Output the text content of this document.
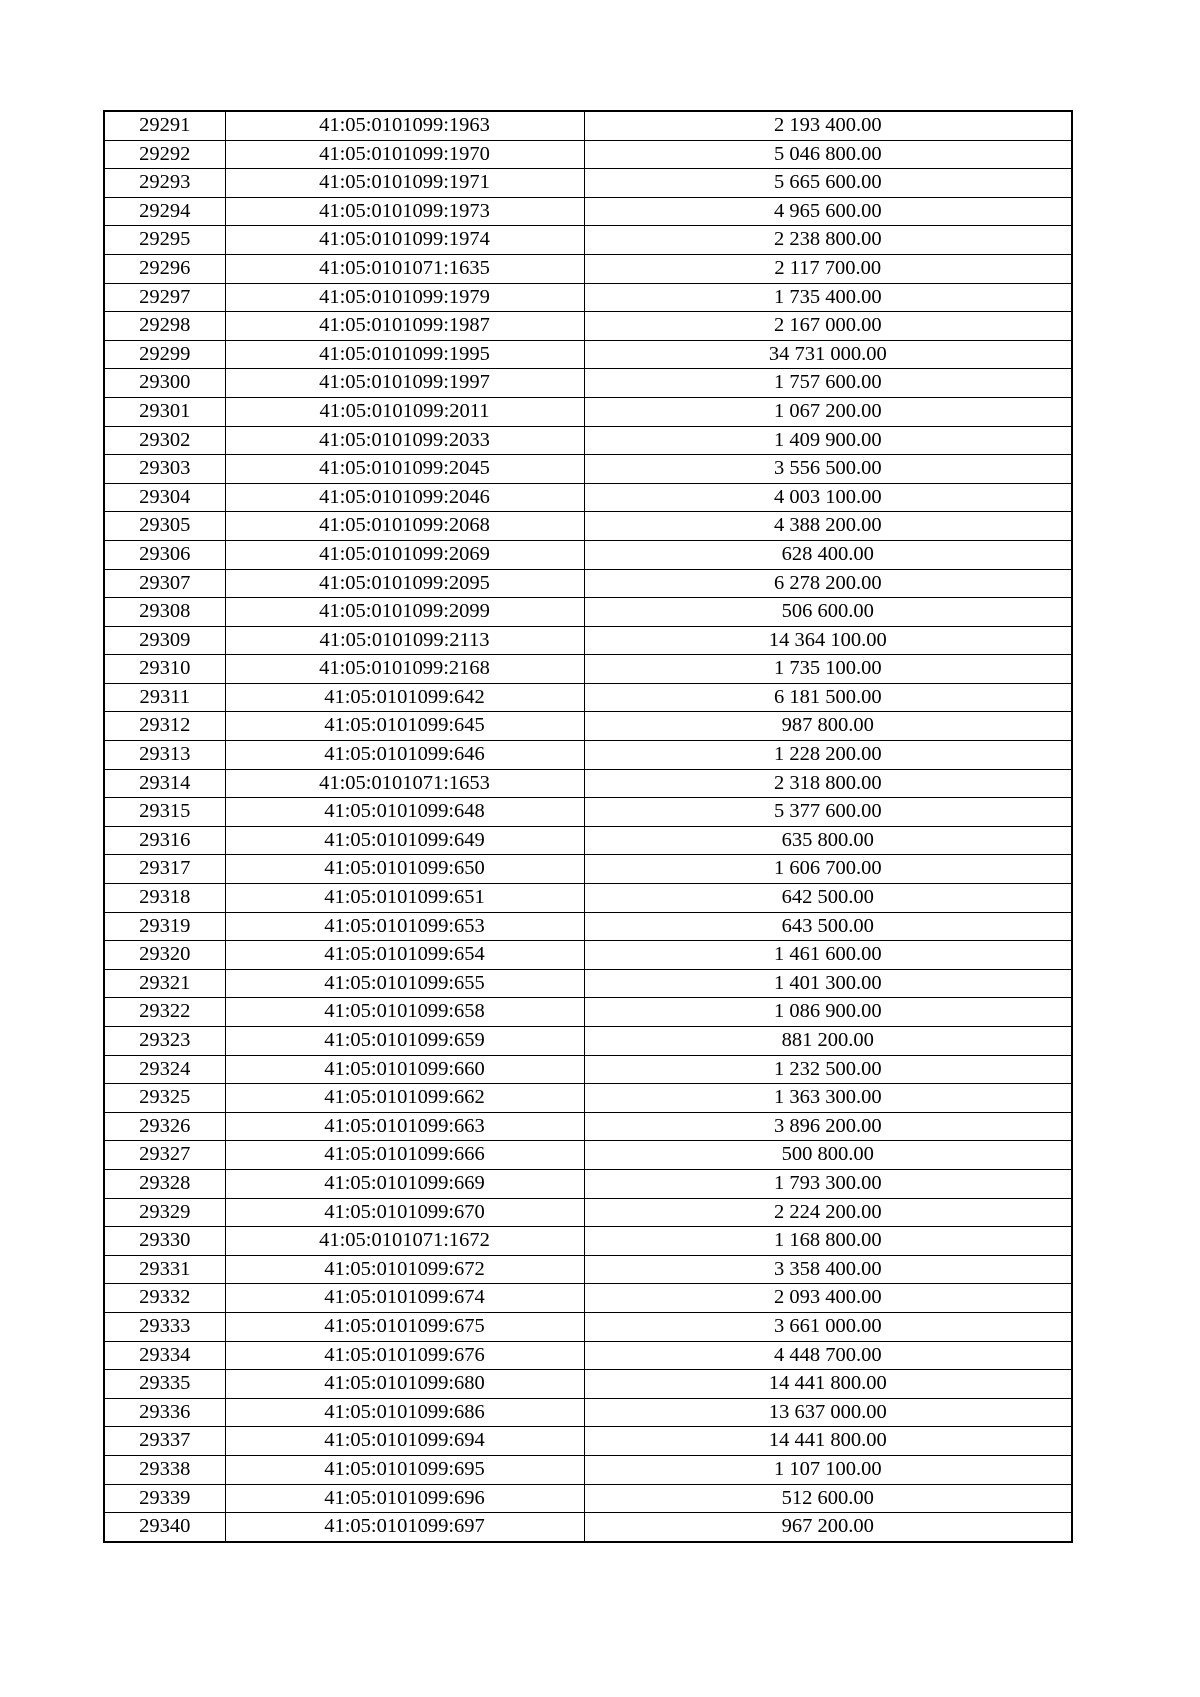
29291	41:05:0101099:1963	2 193 400.00
29292	41:05:0101099:1970	5 046 800.00
29293	41:05:0101099:1971	5 665 600.00
29294	41:05:0101099:1973	4 965 600.00
29295	41:05:0101099:1974	2 238 800.00
29296	41:05:0101071:1635	2 117 700.00
29297	41:05:0101099:1979	1 735 400.00
29298	41:05:0101099:1987	2 167 000.00
29299	41:05:0101099:1995	34 731 000.00
29300	41:05:0101099:1997	1 757 600.00
29301	41:05:0101099:2011	1 067 200.00
29302	41:05:0101099:2033	1 409 900.00
29303	41:05:0101099:2045	3 556 500.00
29304	41:05:0101099:2046	4 003 100.00
29305	41:05:0101099:2068	4 388 200.00
29306	41:05:0101099:2069	628 400.00
29307	41:05:0101099:2095	6 278 200.00
29308	41:05:0101099:2099	506 600.00
29309	41:05:0101099:2113	14 364 100.00
29310	41:05:0101099:2168	1 735 100.00
29311	41:05:0101099:642	6 181 500.00
29312	41:05:0101099:645	987 800.00
29313	41:05:0101099:646	1 228 200.00
29314	41:05:0101071:1653	2 318 800.00
29315	41:05:0101099:648	5 377 600.00
29316	41:05:0101099:649	635 800.00
29317	41:05:0101099:650	1 606 700.00
29318	41:05:0101099:651	642 500.00
29319	41:05:0101099:653	643 500.00
29320	41:05:0101099:654	1 461 600.00
29321	41:05:0101099:655	1 401 300.00
29322	41:05:0101099:658	1 086 900.00
29323	41:05:0101099:659	881 200.00
29324	41:05:0101099:660	1 232 500.00
29325	41:05:0101099:662	1 363 300.00
29326	41:05:0101099:663	3 896 200.00
29327	41:05:0101099:666	500 800.00
29328	41:05:0101099:669	1 793 300.00
29329	41:05:0101099:670	2 224 200.00
29330	41:05:0101071:1672	1 168 800.00
29331	41:05:0101099:672	3 358 400.00
29332	41:05:0101099:674	2 093 400.00
29333	41:05:0101099:675	3 661 000.00
29334	41:05:0101099:676	4 448 700.00
29335	41:05:0101099:680	14 441 800.00
29336	41:05:0101099:686	13 637 000.00
29337	41:05:0101099:694	14 441 800.00
29338	41:05:0101099:695	1 107 100.00
29339	41:05:0101099:696	512 600.00
29340	41:05:0101099:697	967 200.00
